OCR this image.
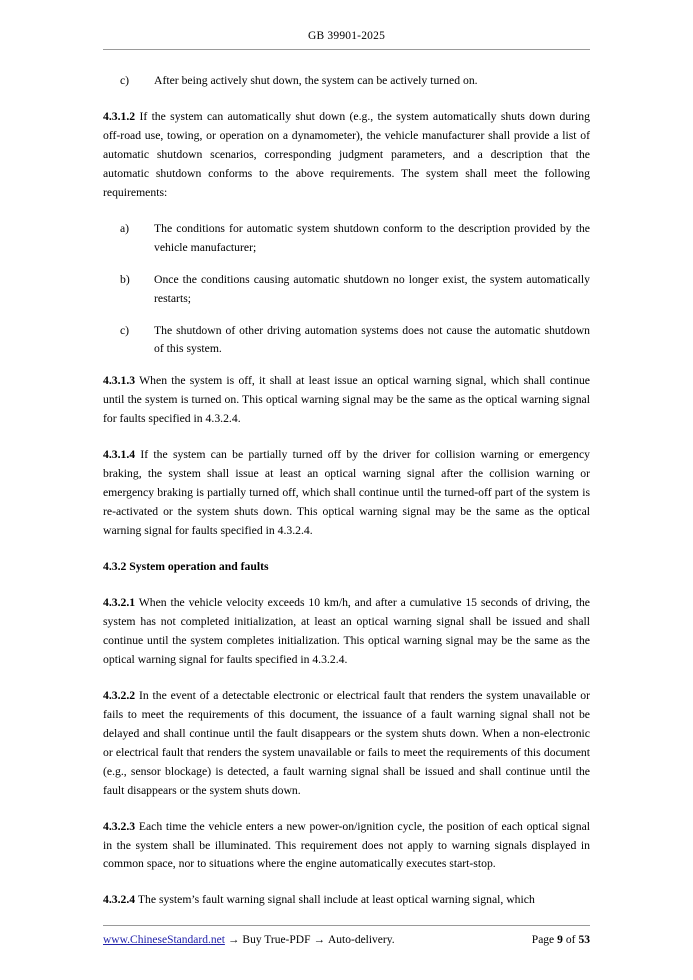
GB 39901-2025
c)	After being actively shut down, the system can be actively turned on.

4.3.1.2 If the system can automatically shut down (e.g., the system automatically shuts down during off-road use, towing, or operation on a dynamometer), the vehicle manufacturer shall provide a list of automatic shutdown scenarios, corresponding judgment parameters, and a description that the automatic shutdown conforms to the above requirements. The system shall meet the following requirements:

a)	The conditions for automatic system shutdown conform to the description provided by the vehicle manufacturer;
b)	Once the conditions causing automatic shutdown no longer exist, the system automatically restarts;
c)	The shutdown of other driving automation systems does not cause the automatic shutdown of this system.

4.3.1.3 When the system is off, it shall at least issue an optical warning signal, which shall continue until the system is turned on. This optical warning signal may be the same as the optical warning signal for faults specified in 4.3.2.4.

4.3.1.4 If the system can be partially turned off by the driver for collision warning or emergency braking, the system shall issue at least an optical warning signal after the collision warning or emergency braking is partially turned off, which shall continue until the turned-off part of the system is re-activated or the system shuts down. This optical warning signal may be the same as the optical warning signal for faults specified in 4.3.2.4.

4.3.2 System operation and faults

4.3.2.1 When the vehicle velocity exceeds 10 km/h, and after a cumulative 15 seconds of driving, the system has not completed initialization, at least an optical warning signal shall be issued and shall continue until the system completes initialization. This optical warning signal may be the same as the optical warning signal for faults specified in 4.3.2.4.

4.3.2.2 In the event of a detectable electronic or electrical fault that renders the system unavailable or fails to meet the requirements of this document, the issuance of a fault warning signal shall not be delayed and shall continue until the fault disappears or the system shuts down. When a non-electronic or electrical fault that renders the system unavailable or fails to meet the requirements of this document (e.g., sensor blockage) is detected, a fault warning signal shall be issued and shall continue until the fault disappears or the system shuts down.

4.3.2.3 Each time the vehicle enters a new power-on/ignition cycle, the position of each optical signal in the system shall be illuminated. This requirement does not apply to warning signals displayed in common space, nor to situations where the engine automatically executes start-stop.

4.3.2.4 The system’s fault warning signal shall include at least optical warning signal, which

www.ChineseStandard.net → Buy True-PDF → Auto-delivery.	Page 9 of 53
